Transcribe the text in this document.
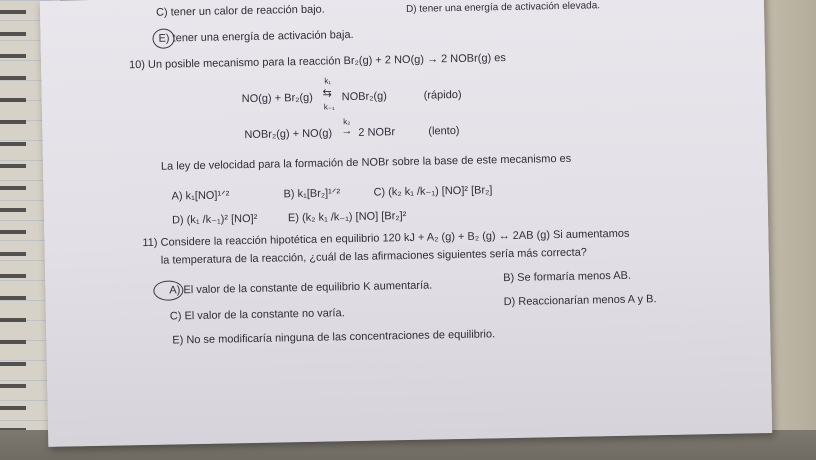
C) tener un calor de reacción bajo.	D) tener una energía de activación elevada.
E) tener una energía de activación baja.
10) Un posible mecanismo para la reacción Br₂(g) + 2 NO(g) → 2 NOBr(g) es
NO(g) + Br₂(g)
k₁
⇆
k₋₁
NOBr₂(g)	(rápido)
NOBr₂(g) + NO(g)
k₂
→ 2 NOBr	(lento)
La ley de velocidad para la formación de NOBr sobre la base de este mecanismo es
A) k₁[NO]¹ᐟ²	B) k₁[Br₂]¹ᐟ²	C) (k₂ k₁ /k₋₁) [NO]² [Br₂]
D) (k₁ /k₋₁)² [NO]²	E) (k₂ k₁ /k₋₁) [NO] [Br₂]²
11) Considere la reacción hipotética en equilibrio 120 kJ + A₂ (g) + B₂ (g) ↔ 2AB (g) Si aumentamos
la temperatura de la reacción, ¿cuál de las afirmaciones siguientes sería más correcta?
A) El valor de la constante de equilibrio K aumentaría.
B) Se formaría menos AB.
C) El valor de la constante no varía.
D) Reaccionarían menos A y B.
E) No se modificaría ninguna de las concentraciones de equilibrio.
